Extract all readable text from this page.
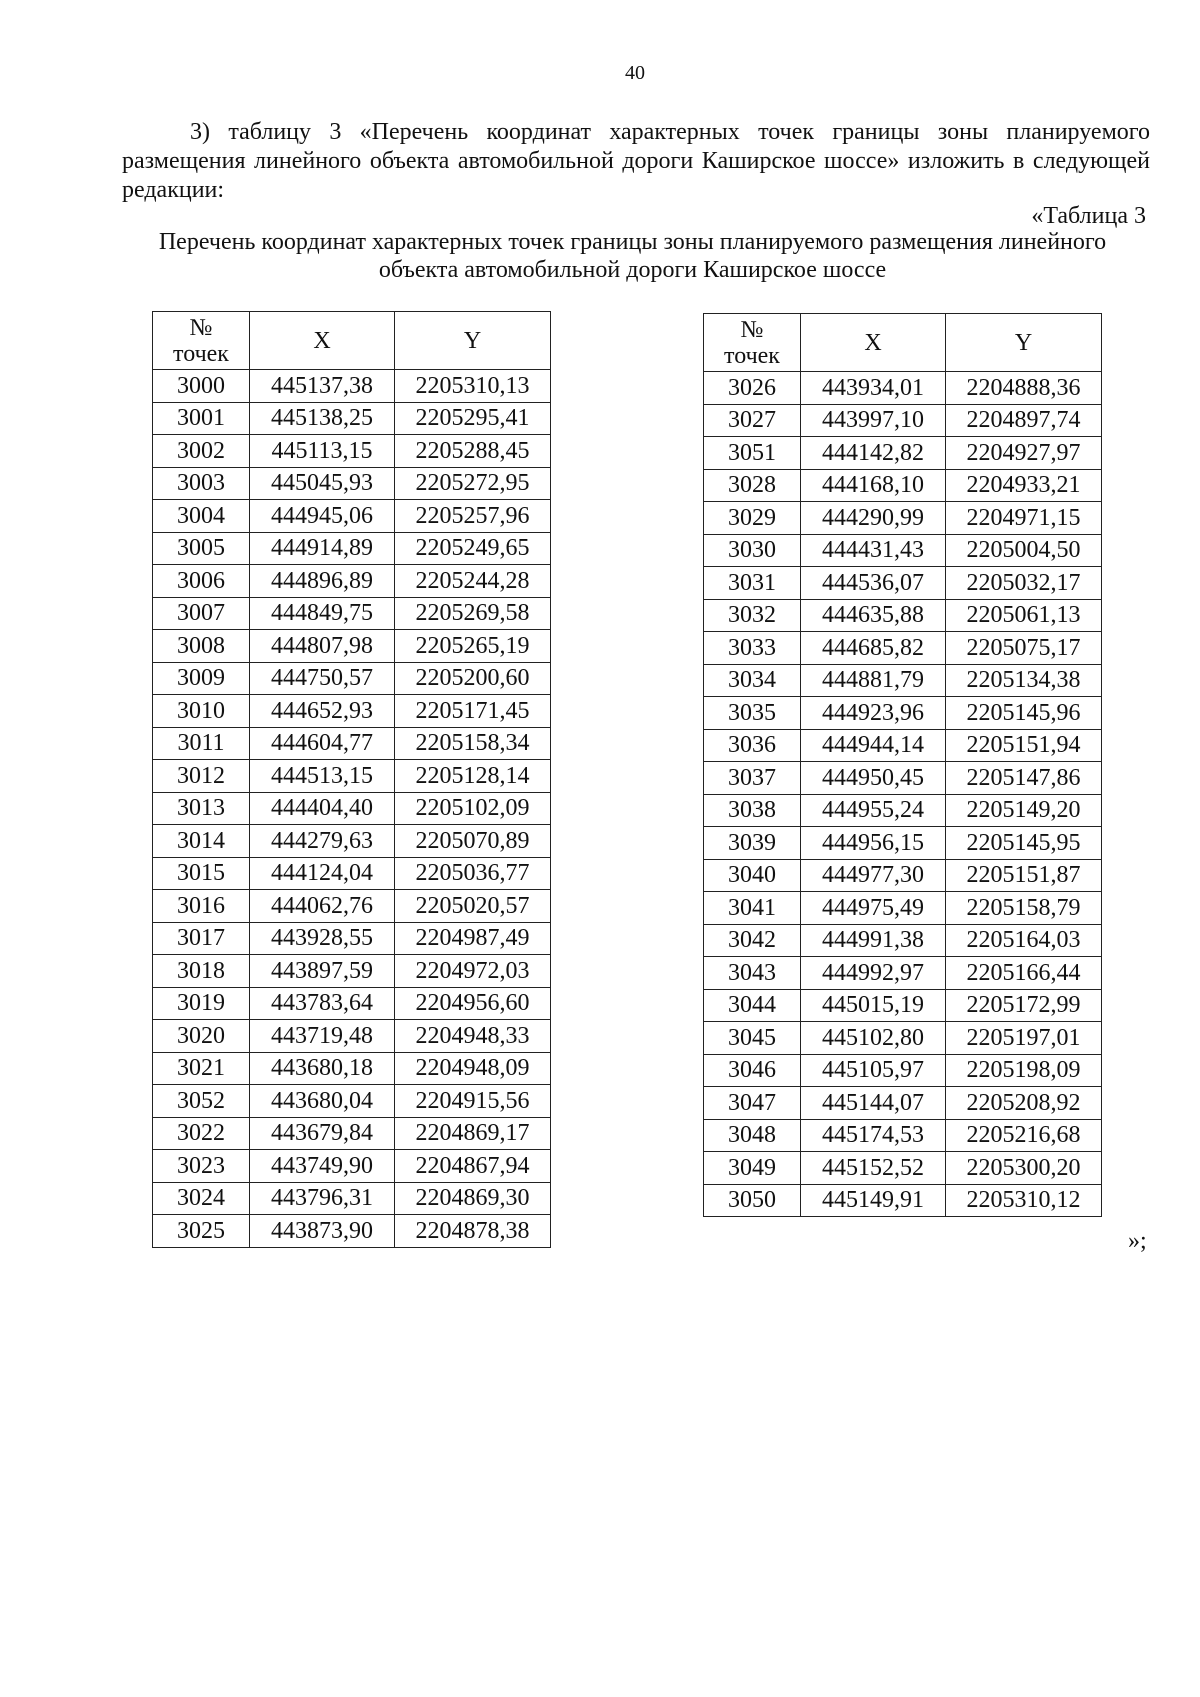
40
3) таблицу 3 «Перечень координат характерных точек границы зоны планируемого размещения линейного объекта автомобильной дороги Каширское шоссе» изложить в следующей редакции:
«Таблица 3
Перечень координат характерных точек границы зоны планируемого размещения линейного объекта автомобильной дороги Каширское шоссе
№
точек	X	Y
3000	445137,38	2205310,13
3001	445138,25	2205295,41
3002	445113,15	2205288,45
3003	445045,93	2205272,95
3004	444945,06	2205257,96
3005	444914,89	2205249,65
3006	444896,89	2205244,28
3007	444849,75	2205269,58
3008	444807,98	2205265,19
3009	444750,57	2205200,60
3010	444652,93	2205171,45
3011	444604,77	2205158,34
3012	444513,15	2205128,14
3013	444404,40	2205102,09
3014	444279,63	2205070,89
3015	444124,04	2205036,77
3016	444062,76	2205020,57
3017	443928,55	2204987,49
3018	443897,59	2204972,03
3019	443783,64	2204956,60
3020	443719,48	2204948,33
3021	443680,18	2204948,09
3052	443680,04	2204915,56
3022	443679,84	2204869,17
3023	443749,90	2204867,94
3024	443796,31	2204869,30
3025	443873,90	2204878,38
№
точек	X	Y
3026	443934,01	2204888,36
3027	443997,10	2204897,74
3051	444142,82	2204927,97
3028	444168,10	2204933,21
3029	444290,99	2204971,15
3030	444431,43	2205004,50
3031	444536,07	2205032,17
3032	444635,88	2205061,13
3033	444685,82	2205075,17
3034	444881,79	2205134,38
3035	444923,96	2205145,96
3036	444944,14	2205151,94
3037	444950,45	2205147,86
3038	444955,24	2205149,20
3039	444956,15	2205145,95
3040	444977,30	2205151,87
3041	444975,49	2205158,79
3042	444991,38	2205164,03
3043	444992,97	2205166,44
3044	445015,19	2205172,99
3045	445102,80	2205197,01
3046	445105,97	2205198,09
3047	445144,07	2205208,92
3048	445174,53	2205216,68
3049	445152,52	2205300,20
3050	445149,91	2205310,12
»;
